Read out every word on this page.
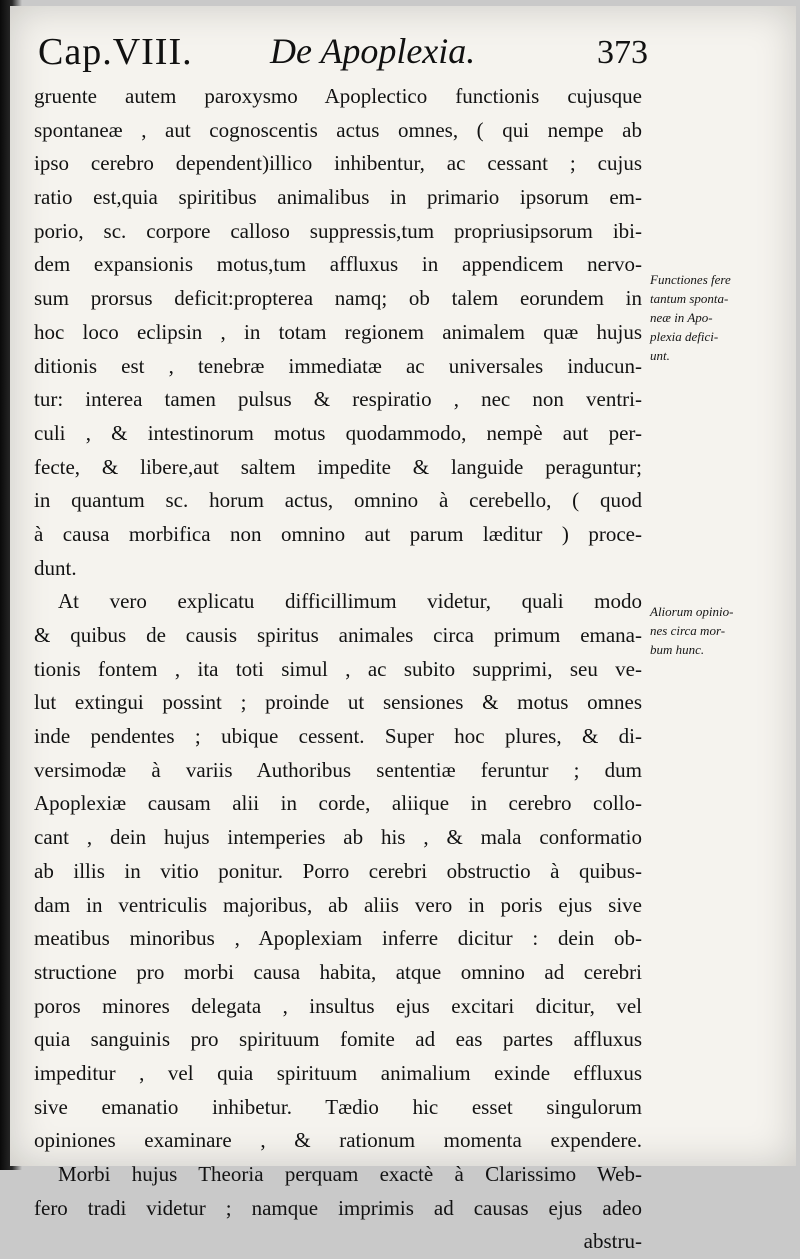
Cap.VIII. De Apoplexia.	373
gruente autem paroxysmo Apoplectico functionis cujusque
spontaneæ , aut cognoscentis actus omnes, ( qui nempe ab
ipso cerebro dependent)illico inhibentur, ac cessant ; cujus
ratio est,quia spiritibus animalibus in primario ipsorum em-
porio, sc. corpore calloso suppressis,tum propriusipsorum ibi-
dem expansionis motus,tum affluxus in appendicem nervo-
sum prorsus deficit:propterea namq; ob talem eorundem in
hoc loco eclipsin , in totam regionem animalem quæ hujus
ditionis est , tenebræ immediatæ ac universales inducun-
tur: interea tamen pulsus & respiratio , nec non ventri-
culi , & intestinorum motus quodammodo, nempè aut per-
fecte, & libere,aut saltem impedite & languide peraguntur;
in quantum sc. horum actus, omnino à cerebello, ( quod
à causa morbifica non omnino aut parum læditur ) proce-
dunt.
At vero explicatu difficillimum videtur, quali modo
& quibus de causis spiritus animales circa primum emana-
tionis fontem , ita toti simul , ac subito supprimi, seu ve-
lut extingui possint ; proinde ut sensiones & motus omnes
inde pendentes ; ubique cessent. Super hoc plures, & di-
versimodæ à variis Authoribus sententiæ feruntur ; dum
Apoplexiæ causam alii in corde, aliique in cerebro collo-
cant , dein hujus intemperies ab his , & mala conformatio
ab illis in vitio ponitur. Porro cerebri obstructio à quibus-
dam in ventriculis majoribus, ab aliis vero in poris ejus sive
meatibus minoribus , Apoplexiam inferre dicitur : dein ob-
structione pro morbi causa habita, atque omnino ad cerebri
poros minores delegata , insultus ejus excitari dicitur, vel
quia sanguinis pro spirituum fomite ad eas partes affluxus
impeditur , vel quia spirituum animalium exinde effluxus
sive emanatio inhibetur. Tædio hic esset singulorum
opiniones examinare , & rationum momenta expendere.
Morbi hujus Theoria perquam exactè à Clarissimo Web-
fero tradi videtur ; namque imprimis ad causas ejus adeo
abstru-
Functiones fere
tantum sponta-
neæ in Apo-
plexia defici-
unt.
Aliorum opinio-
nes circa mor-
bum hunc.
